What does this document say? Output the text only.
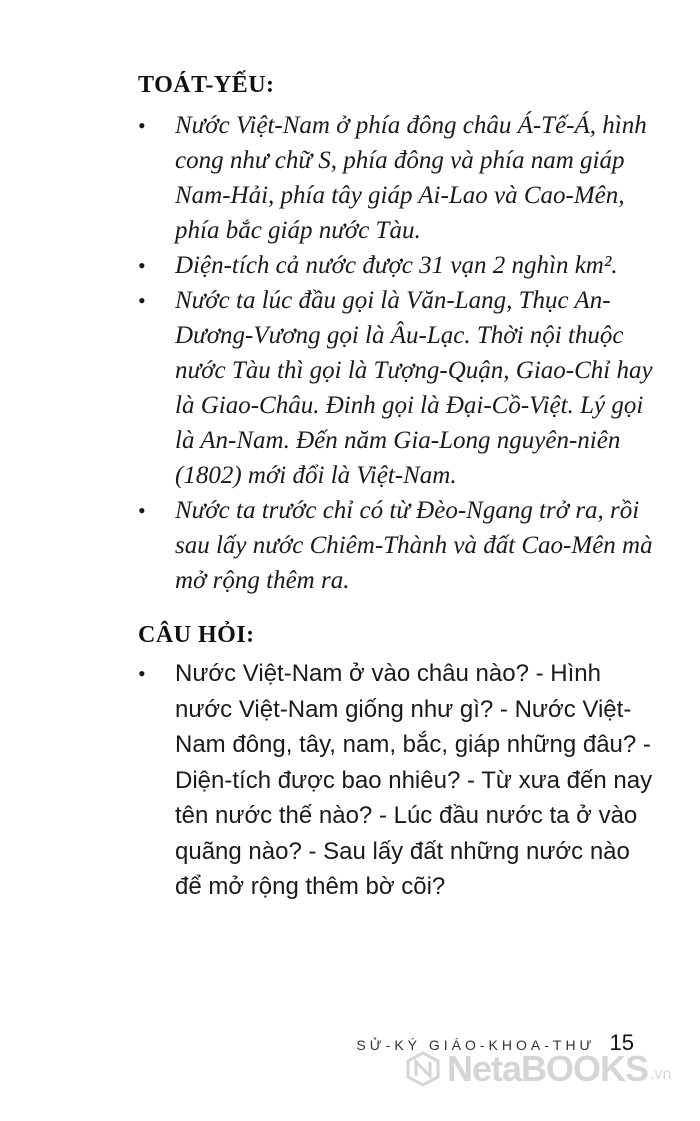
TOÁT-YẾU:
• Nước Việt-Nam ở phía đông châu Á-Tế-Á, hình cong như chữ S, phía đông và phía nam giáp Nam-Hải, phía tây giáp Ai-Lao và Cao-Mên, phía bắc giáp nước Tàu.
• Diện-tích cả nước được 31 vạn 2 nghìn km².
• Nước ta lúc đầu gọi là Văn-Lang, Thục An-Dương-Vương gọi là Âu-Lạc. Thời nội thuộc nước Tàu thì gọi là Tượng-Quận, Giao-Chỉ hay là Giao-Châu. Đinh gọi là Đại-Cồ-Việt. Lý gọi là An-Nam. Đến năm Gia-Long nguyên-niên (1802) mới đổi là Việt-Nam.
• Nước ta trước chỉ có từ Đèo-Ngang trở ra, rồi sau lấy nước Chiêm-Thành và đất Cao-Mên mà mở rộng thêm ra.
CÂU HỎI:
• Nước Việt-Nam ở vào châu nào? - Hình nước Việt-Nam giống như gì? - Nước Việt-Nam đông, tây, nam, bắc, giáp những đâu? - Diện-tích được bao nhiêu? - Từ xưa đến nay tên nước thế nào? - Lúc đầu nước ta ở vào quãng nào? - Sau lấy đất những nước nào để mở rộng thêm bờ cõi?
SỬ-KÝ GIÁO-KHOA-THƯ 15
NetaBOOKS .vn
